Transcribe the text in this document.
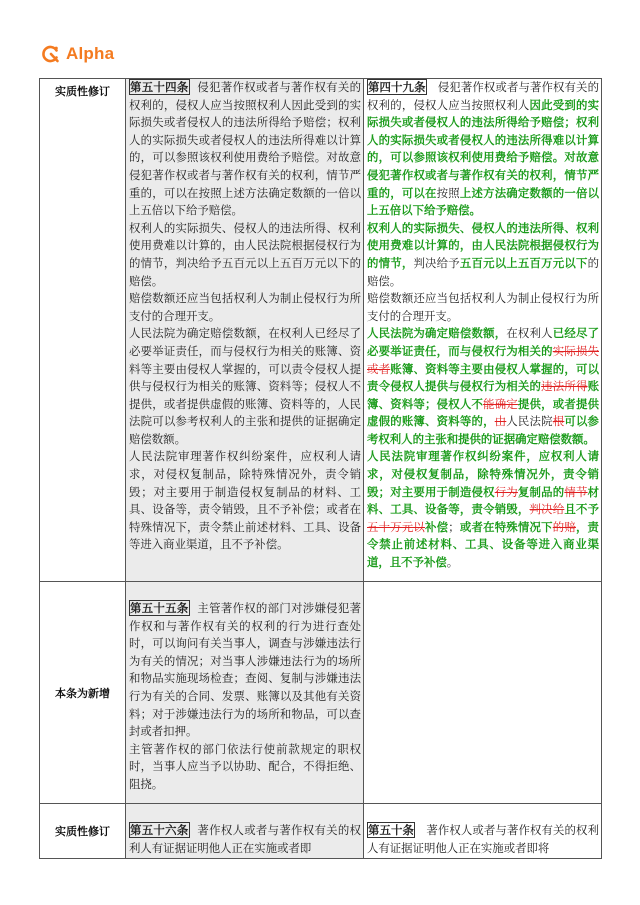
Alpha
实质性修订 第五十四条 侵犯著作权或者与著作权有关的权利的，侵权人应当按照权利人因此受到的实际损失或者侵权人的违法所得给予赔偿；权利人的实际损失或者侵权人的违法所得难以计算的，可以参照该权利使用费给予赔偿。对故意侵犯著作权或者与著作权有关的权利，情节严重的，可以在按照上述方法确定数额的一倍以上五倍以下给予赔偿。

权利人的实际损失、侵权人的违法所得、权利使用费难以计算的，由人民法院根据侵权行为的情节，判决给予五百元以上五百万元以下的赔偿。

赔偿数额还应当包括权利人为制止侵权行为所支付的合理开支。

人民法院为确定赔偿数额，在权利人已经尽了必要举证责任，而与侵权行为相关的账簿、资料等主要由侵权人掌握的，可以责令侵权人提供与侵权行为相关的账簿、资料等；侵权人不提供，或者提供虚假的账簿、资料等的，人民法院可以参考权利人的主张和提供的证据确定赔偿数额。

人民法院审理著作权纠纷案件，应权利人请求，对侵权复制品，除特殊情况外，责令销毁；对主要用于制造侵权复制品的材料、工具、设备等，责令销毁，且不予补偿；或者在特殊情况下，责令禁止前述材料、工具、设备等进入商业渠道，且不予补偿。

第四十九条 侵犯著作权或者与著作权有关的权利的，侵权人应当按照权利人因此受到的实际损失或者侵权人的违法所得给予赔偿；权利人的实际损失或者侵权人的违法所得难以计算的，可以参照该权利使用费给予赔偿。对故意侵犯著作权或者与著作权有关的权利，情节严重的，可以在按照上述方法确定数额的一倍以上五倍以下给予赔偿。

权利人的实际损失、侵权人的违法所得、权利使用费难以计算的，由人民法院根据侵权行为的情节，判决给予五百元以上五百万元以下的赔偿。

赔偿数额还应当包括权利人为制止侵权行为所支付的合理开支。

人民法院为确定赔偿数额，在权利人已经尽了必要举证责任，而与侵权行为相关的实际损失或者账簿、资料等主要由侵权人掌握的，可以责令侵权人提供与侵权行为相关的违法所得账簿、资料等；侵权人不能确定提供，或者提供虚假的账簿、资料等的，由人民法院根可以参考权利人的主张和提供的证据确定赔偿数额。

人民法院审理著作权纠纷案件，应权利人请求，对侵权复制品，除特殊情况外，责令销毁；对主要用于制造侵权行为复制品的情节材料、工具、设备等，责令销毁，判决给且不予五十万元以补偿；或者在特殊情况下的赔，责令禁止前述材料、工具、设备等进入商业渠道，且不予补偿。

本条为新增

第五十五条 主管著作权的部门对涉嫌侵犯著作权和与著作权有关的权利的行为进行查处时，可以询问有关当事人，调查与涉嫌违法行为有关的情况；对当事人涉嫌违法行为的场所和物品实施现场检查；查阅、复制与涉嫌违法行为有关的合同、发票、账簿以及其他有关资料；对于涉嫌违法行为的场所和物品，可以查封或者扣押。

主管著作权的部门依法行使前款规定的职权时，当事人应当予以协助、配合，不得拒绝、阻挠。

实质性修订 第五十六条 著作权人或者与著作权有关的权利人有证据证明他人正在实施或者即

第五十条 著作权人或者与著作权有关的权利人有证据证明他人正在实施或者即将
